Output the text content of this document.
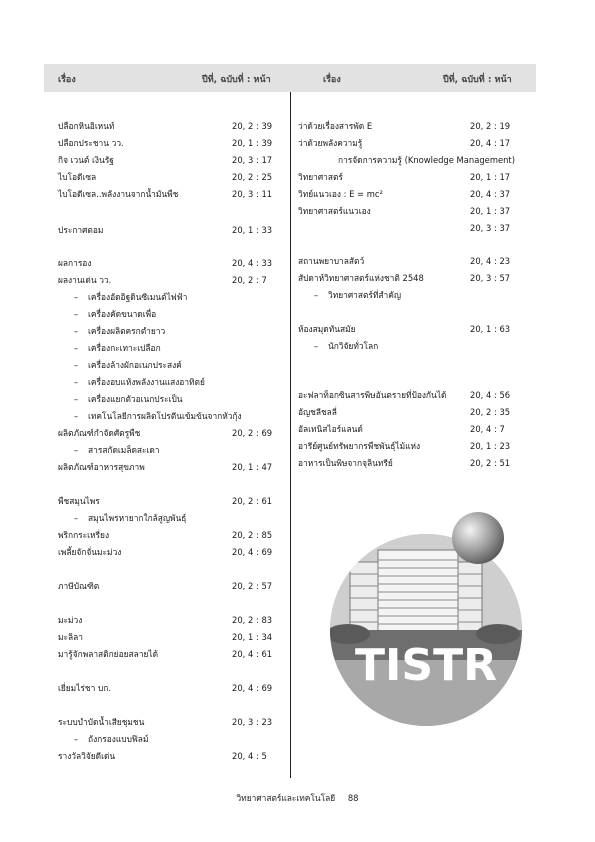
เรื่อง	ปีที่, ฉบับที่ : หน้า	เรื่อง	ปีที่, ฉบับที่ : หน้า
ปลือกหินอิเหนท์	20, 2 : 39
ปลือกประชาน วว.	20, 1 : 39
กิจ เวนต์ เงินรัฐ	20, 3 : 17
ไบโอดีเซล	20, 2 : 25
ไบโอดีเซล..พลังงานจากน้ำมันพืช	20, 3 : 11
ประกาศตอม	20, 1 : 33
ผลการอง	20, 4 : 33
ผลงานเด่น วว.	20, 2 : 7
– เครื่องอัดอิฐดินซีเมนต์ไฟฟ้า
– เครื่องคัดขนาดเพื่อ
– เครื่องผลิตครกตำยาว
– เครื่องกะเทาะเปลือก
– เครื่องล้างผักอเนกประสงค์
– เครื่องอบแห้งพลังงานแสงอาทิตย์
– เครื่องแยกตัวอเนกประเป็น
– เทคโนโลยีการผลิตโปรตีนเข้มข้นจากหัวกุ้ง
ผลิตภัณฑ์กำจัดศัตรูพืช	20, 2 : 69
– สารสกัดเมล็ดสะเดา
ผลิตภัณฑ์อาหารสุขภาพ	20, 1 : 47
พืชสมุนไพร	20, 2 : 61
– สมุนไพรหายากใกล้สูญพันธุ์
พริกกระเหรี่ยง	20, 2 : 85
เพลี้ยจักจั่นมะม่วง	20, 4 : 69
ภาษีบัณฑิต	20, 2 : 57
มะม่วง	20, 2 : 83
มะลิลา	20, 1 : 34
มารู้จักพลาสติกย่อยสลายได้	20, 4 : 61
เยี่ยมไร่ชา บก.	20, 4 : 69
ระบบบำบัดน้ำเสียชุมชน	20, 3 : 23
– ถังกรองแบบฟิลม์
รางวัลวิจัยดีเด่น	20, 4 : 5
ว่าด้วยเรื่องสารพัด E	20, 2 : 19
ว่าด้วยพลังความรู้	20, 4 : 17
การจัดการความรู้ (Knowledge Management)
วิทยาศาสตร์	20, 1 : 17
วิทย์แนวเอง : E = mc²	20, 4 : 37
วิทยาศาสตร์แนวเอง	20, 1 : 37
20, 3 : 37
สถานพยาบาลสัตว์	20, 4 : 23
สัปดาห์วิทยาศาสตร์แห่งชาติ 2548	20, 3 : 57
– วิทยาศาสตร์ที่สำคัญ
ห้องสมุดทันสมัย	20, 1 : 63
– นักวิจัยทั่วโลก
อะฟลาท็อกซินสารพิษอันตรายที่ป้องกันได้	20, 4 : 56
อัญชลีชลลี่	20, 2 : 35
อัลเทนิสไอร์แลนด์	20, 4 : 7
อารีย์ศูนย์ทรัพยากรพืชพันธุ์ไม้แห่ง	20, 1 : 23
อาหารเป็นพิษจากจุลินทรีย์	20, 2 : 51
TISTR
วิทยาศาสตร์และเทคโนโลยี 88
